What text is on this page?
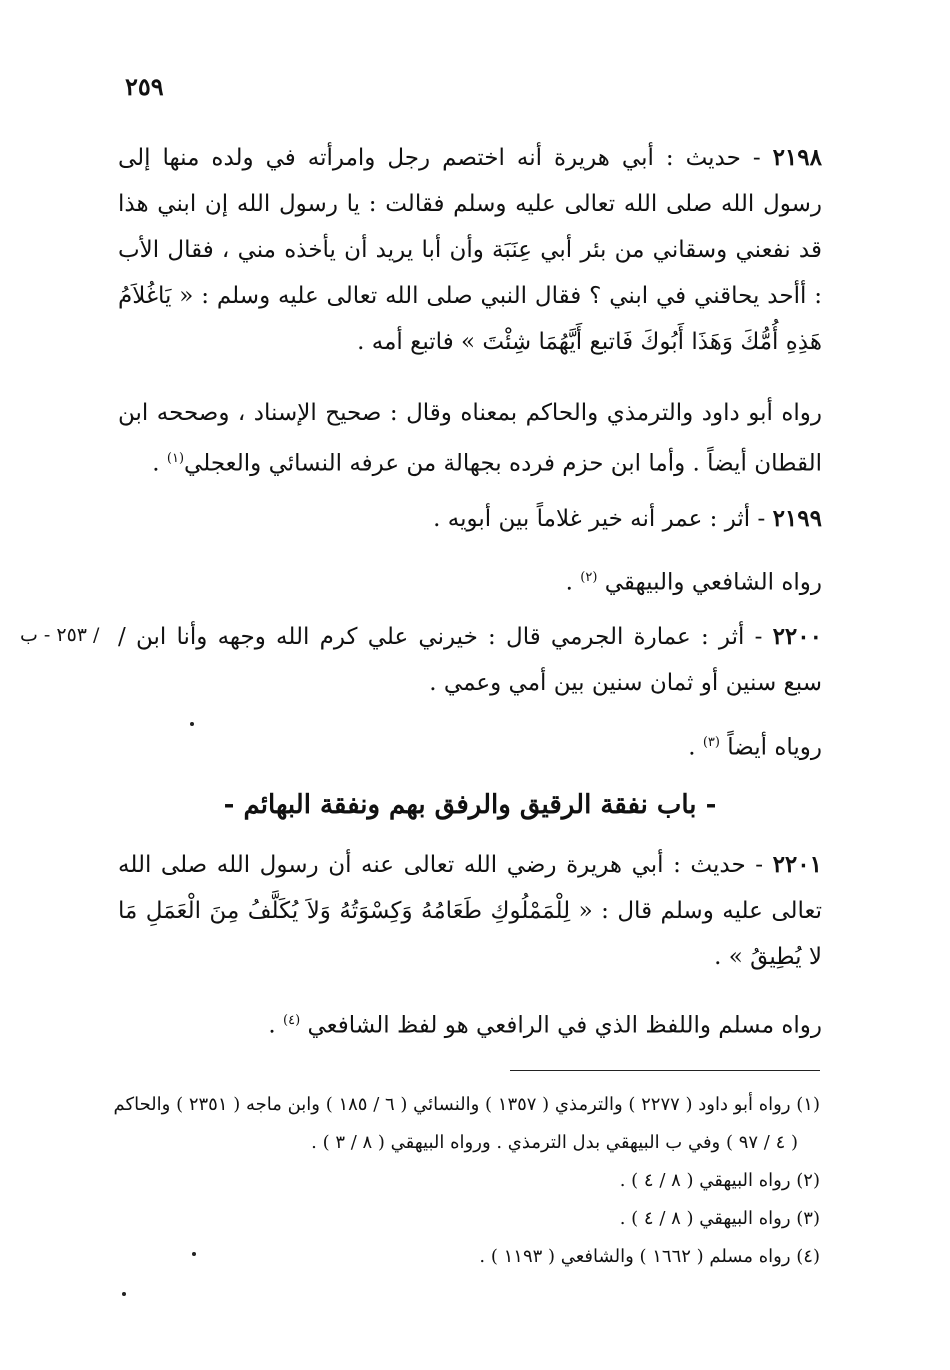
٢٥٩
/ ٢٥٣ - ب
٢١٩٨ - حديث : أبي هريرة أنه اختصم رجل وامرأته في ولده منها إلى رسول الله صلى الله تعالى عليه وسلم فقالت : يا رسول الله إن ابني هذا قد نفعني وسقاني من بئر أبي عِنَبَة وأن أبا يريد أن يأخذه مني ، فقال الأب : أأحد يحاقني في ابني ؟ فقال النبي صلى الله تعالى عليه وسلم : « يَاغُلاَمُ هَذِهِ أُمُّكَ وَهَذَا أَبُوكَ فَاتبع أَيَّهُمَا شِئْتَ » فاتبع أمه .
رواه أبو داود والترمذي والحاكم بمعناه وقال : صحيح الإسناد ، وصححه ابن القطان أيضاً . وأما ابن حزم فرده بجهالة من عرفه النسائي والعجلي$^{(١)}$ .
٢١٩٩ - أثر : عمر أنه خير غلاماً بين أبويه .
رواه الشافعي والبيهقي $^{(٢)}$ .
٢٢٠٠ - أثر : عمارة الجرمي قال : خيرني علي كرم الله وجهه وأنا ابن / سبع سنين أو ثمان سنين بين أمي وعمي .
روياه أيضاً $^{(٣)}$ .
- باب نفقة الرقيق والرفق بهم ونفقة البهائم -
٢٢٠١ - حديث : أبي هريرة رضي الله تعالى عنه أن رسول الله صلى الله تعالى عليه وسلم قال : « لِلْمَمْلُوكِ طَعَامُهُ وَكِسْوَتُهُ وَلاَ يُكَلَّفُ مِنَ الْعَمَلِ مَا لا يُطِيقُ » .
رواه مسلم واللفظ الذي في الرافعي هو لفظ الشافعي $^{(٤)}$ .
(١) رواه أبو داود ( ٢٢٧٧ ) والترمذي ( ١٣٥٧ ) والنسائي ( ٦ / ١٨٥ ) وابن ماجه ( ٢٣٥١ ) والحاكم
( ٤ / ٩٧ ) وفي ب البيهقي بدل الترمذي . ورواه البيهقي ( ٨ / ٣ ) .
(٢) رواه البيهقي ( ٨ / ٤ ) .
(٣) رواه البيهقي ( ٨ / ٤ ) .
(٤) رواه مسلم ( ١٦٦٢ ) والشافعي ( ١١٩٣ ) .
